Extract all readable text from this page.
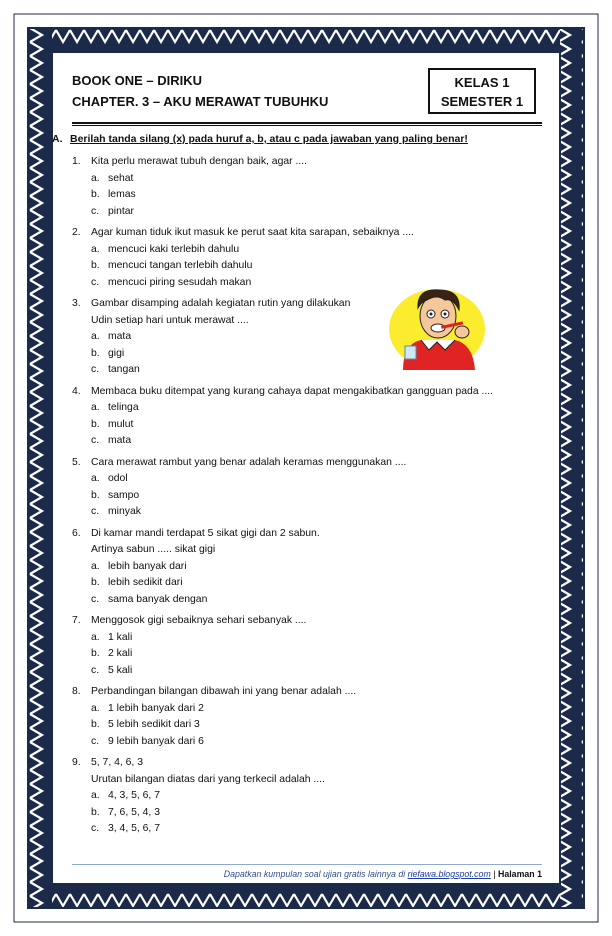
BOOK ONE – DIRIKU
CHAPTER. 3 – AKU MERAWAT TUBUHKU
KELAS 1
SEMESTER 1
A. Berilah tanda silang (x) pada huruf a, b, atau c pada jawaban yang paling benar!
1. Kita perlu merawat tubuh dengan baik, agar ....
a. sehat
b. lemas
c. pintar
2. Agar kuman tiduk ikut masuk ke perut saat kita sarapan, sebaiknya ....
a. mencuci kaki terlebih dahulu
b. mencuci tangan terlebih dahulu
c. mencuci piring sesudah makan
3. Gambar disamping adalah kegiatan rutin yang dilakukan
Udin setiap hari untuk merawat ....
a. mata
b. gigi
c. tangan
4. Membaca buku ditempat yang kurang cahaya dapat mengakibatkan gangguan pada ....
a. telinga
b. mulut
c. mata
5. Cara merawat rambut yang benar adalah keramas menggunakan ....
a. odol
b. sampo
c. minyak
6. Di kamar mandi terdapat 5 sikat gigi dan 2 sabun.
Artinya sabun ..... sikat gigi
a. lebih banyak dari
b. lebih sedikit dari
c. sama banyak dengan
7. Menggosok gigi sebaiknya sehari sebanyak ....
a. 1 kali
b. 2 kali
c. 5 kali
8. Perbandingan bilangan dibawah ini yang benar adalah ....
a. 1 lebih banyak dari 2
b. 5 lebih sedikit dari 3
c. 9 lebih banyak dari 6
9. 5, 7, 4, 6, 3
Urutan bilangan diatas dari yang terkecil adalah ....
a. 4, 3, 5, 6, 7
b. 7, 6, 5, 4, 3
c. 3, 4, 5, 6, 7
Dapatkan kumpulan soal ujian gratis lainnya di riefawa.blogspot.com | Halaman 1
